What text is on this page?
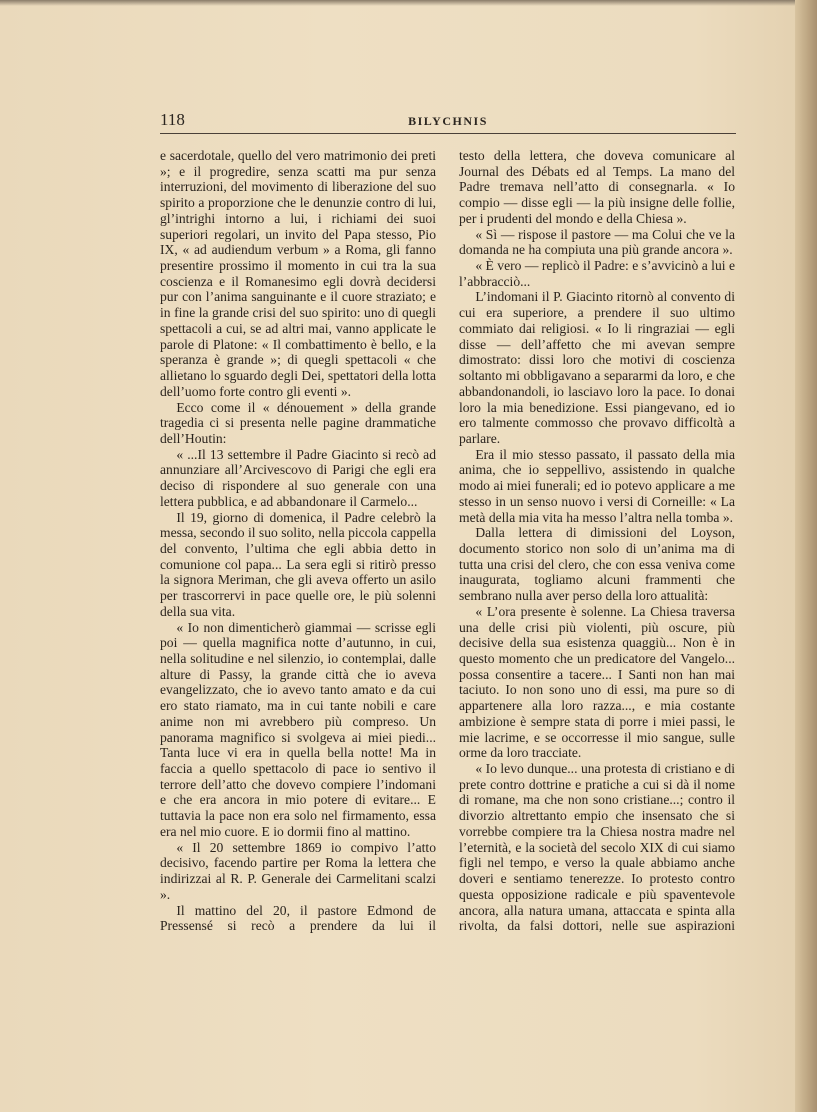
118	BILYCHNIS

e sacerdotale, quello del vero matrimonio dei preti »; e il progredire, senza scatti ma pur senza interruzioni, del movimento di liberazione del suo spirito a proporzione che le denunzie contro di lui, gl’intrighi intorno a lui, i richiami dei suoi superiori regolari, un invito del Papa stesso, Pio IX, « ad audiendum verbum » a Roma, gli fanno presentire prossimo il momento in cui tra la sua coscienza e il Romanesimo egli dovrà decidersi pur con l’anima sanguinante e il cuore straziato; e in fine la grande crisi del suo spirito: uno di quegli spettacoli a cui, se ad altri mai, vanno applicate le parole di Platone: « Il combattimento è bello, e la speranza è grande »; di quegli spettacoli « che allietano lo sguardo degli Dei, spettatori della lotta dell’uomo forte contro gli eventi ».

Ecco come il « dénouement » della grande tragedia ci si presenta nelle pagine drammatiche dell’Houtin:

« ...Il 13 settembre il Padre Giacinto si recò ad annunziare all’Arcivescovo di Parigi che egli era deciso di rispondere al suo generale con una lettera pubblica, e ad abbandonare il Carmelo...

Il 19, giorno di domenica, il Padre celebrò la messa, secondo il suo solito, nella piccola cappella del convento, l’ultima che egli abbia detto in comunione col papa... La sera egli si ritirò presso la signora Meriman, che gli aveva offerto un asilo per trascorrervi in pace quelle ore, le più solenni della sua vita.

« Io non dimenticherò giammai — scrisse egli poi — quella magnifica notte d’autunno, in cui, nella solitudine e nel silenzio, io contemplai, dalle alture di Passy, la grande città che io aveva evangelizzato, che io avevo tanto amato e da cui ero stato riamato, ma in cui tante nobili e care anime non mi avrebbero più compreso. Un panorama magnifico si svolgeva ai miei piedi... Tanta luce vi era in quella bella notte! Ma in faccia a quello spettacolo di pace io sentivo il terrore dell’atto che dovevo compiere l’indomani e che era ancora in mio potere di evitare... E tuttavia la pace non era solo nel firmamento, essa era nel mio cuore. E io dormii fino al mattino.

« Il 20 settembre 1869 io compivo l’atto decisivo, facendo partire per Roma la lettera che indirizzai al R. P. Generale dei Carmelitani scalzi ».

Il mattino del 20, il pastore Edmond de Pressensé si recò a prendere da lui il

testo della lettera, che doveva comunicare al Journal des Débats ed al Temps. La mano del Padre tremava nell’atto di consegnarla. « Io compio — disse egli — la più insigne delle follie, per i prudenti del mondo e della Chiesa ».

« Sì — rispose il pastore — ma Colui che ve la domanda ne ha compiuta una più grande ancora ».

« È vero — replicò il Padre: e s’avvicinò a lui e l’abbracciò...

L’indomani il P. Giacinto ritornò al convento di cui era superiore, a prendere il suo ultimo commiato dai religiosi. « Io li ringraziai — egli disse — dell’affetto che mi avevan sempre dimostrato: dissi loro che motivi di coscienza soltanto mi obbligavano a separarmi da loro, e che abbandonandoli, io lasciavo loro la pace. Io donai loro la mia benedizione. Essi piangevano, ed io ero talmente commosso che provavo difficoltà a parlare.

Era il mio stesso passato, il passato della mia anima, che io seppellivo, assistendo in qualche modo ai miei funerali; ed io potevo applicare a me stesso in un senso nuovo i versi di Corneille: « La metà della mia vita ha messo l’altra nella tomba ».

Dalla lettera di dimissioni del Loyson, documento storico non solo di un’anima ma di tutta una crisi del clero, che con essa veniva come inaugurata, togliamo alcuni frammenti che sembrano nulla aver perso della loro attualità:

« L’ora presente è solenne. La Chiesa traversa una delle crisi più violenti, più oscure, più decisive della sua esistenza quaggiù... Non è in questo momento che un predicatore del Vangelo... possa consentire a tacere... I Santi non han mai taciuto. Io non sono uno di essi, ma pure so di appartenere alla loro razza..., e mia costante ambizione è sempre stata di porre i miei passi, le mie lacrime, e se occorresse il mio sangue, sulle orme da loro tracciate.

« Io levo dunque... una protesta di cristiano e di prete contro dottrine e pratiche a cui si dà il nome di romane, ma che non sono cristiane...; contro il divorzio altrettanto empio che insensato che si vorrebbe compiere tra la Chiesa nostra madre nel l’eternità, e la società del secolo XIX di cui siamo figli nel tempo, e verso la quale abbiamo anche doveri e sentiamo tenerezze. Io protesto contro questa opposizione radicale e più spaventevole ancora, alla natura umana, attaccata e spinta alla rivolta, da falsi dottori, nelle sue aspirazioni
